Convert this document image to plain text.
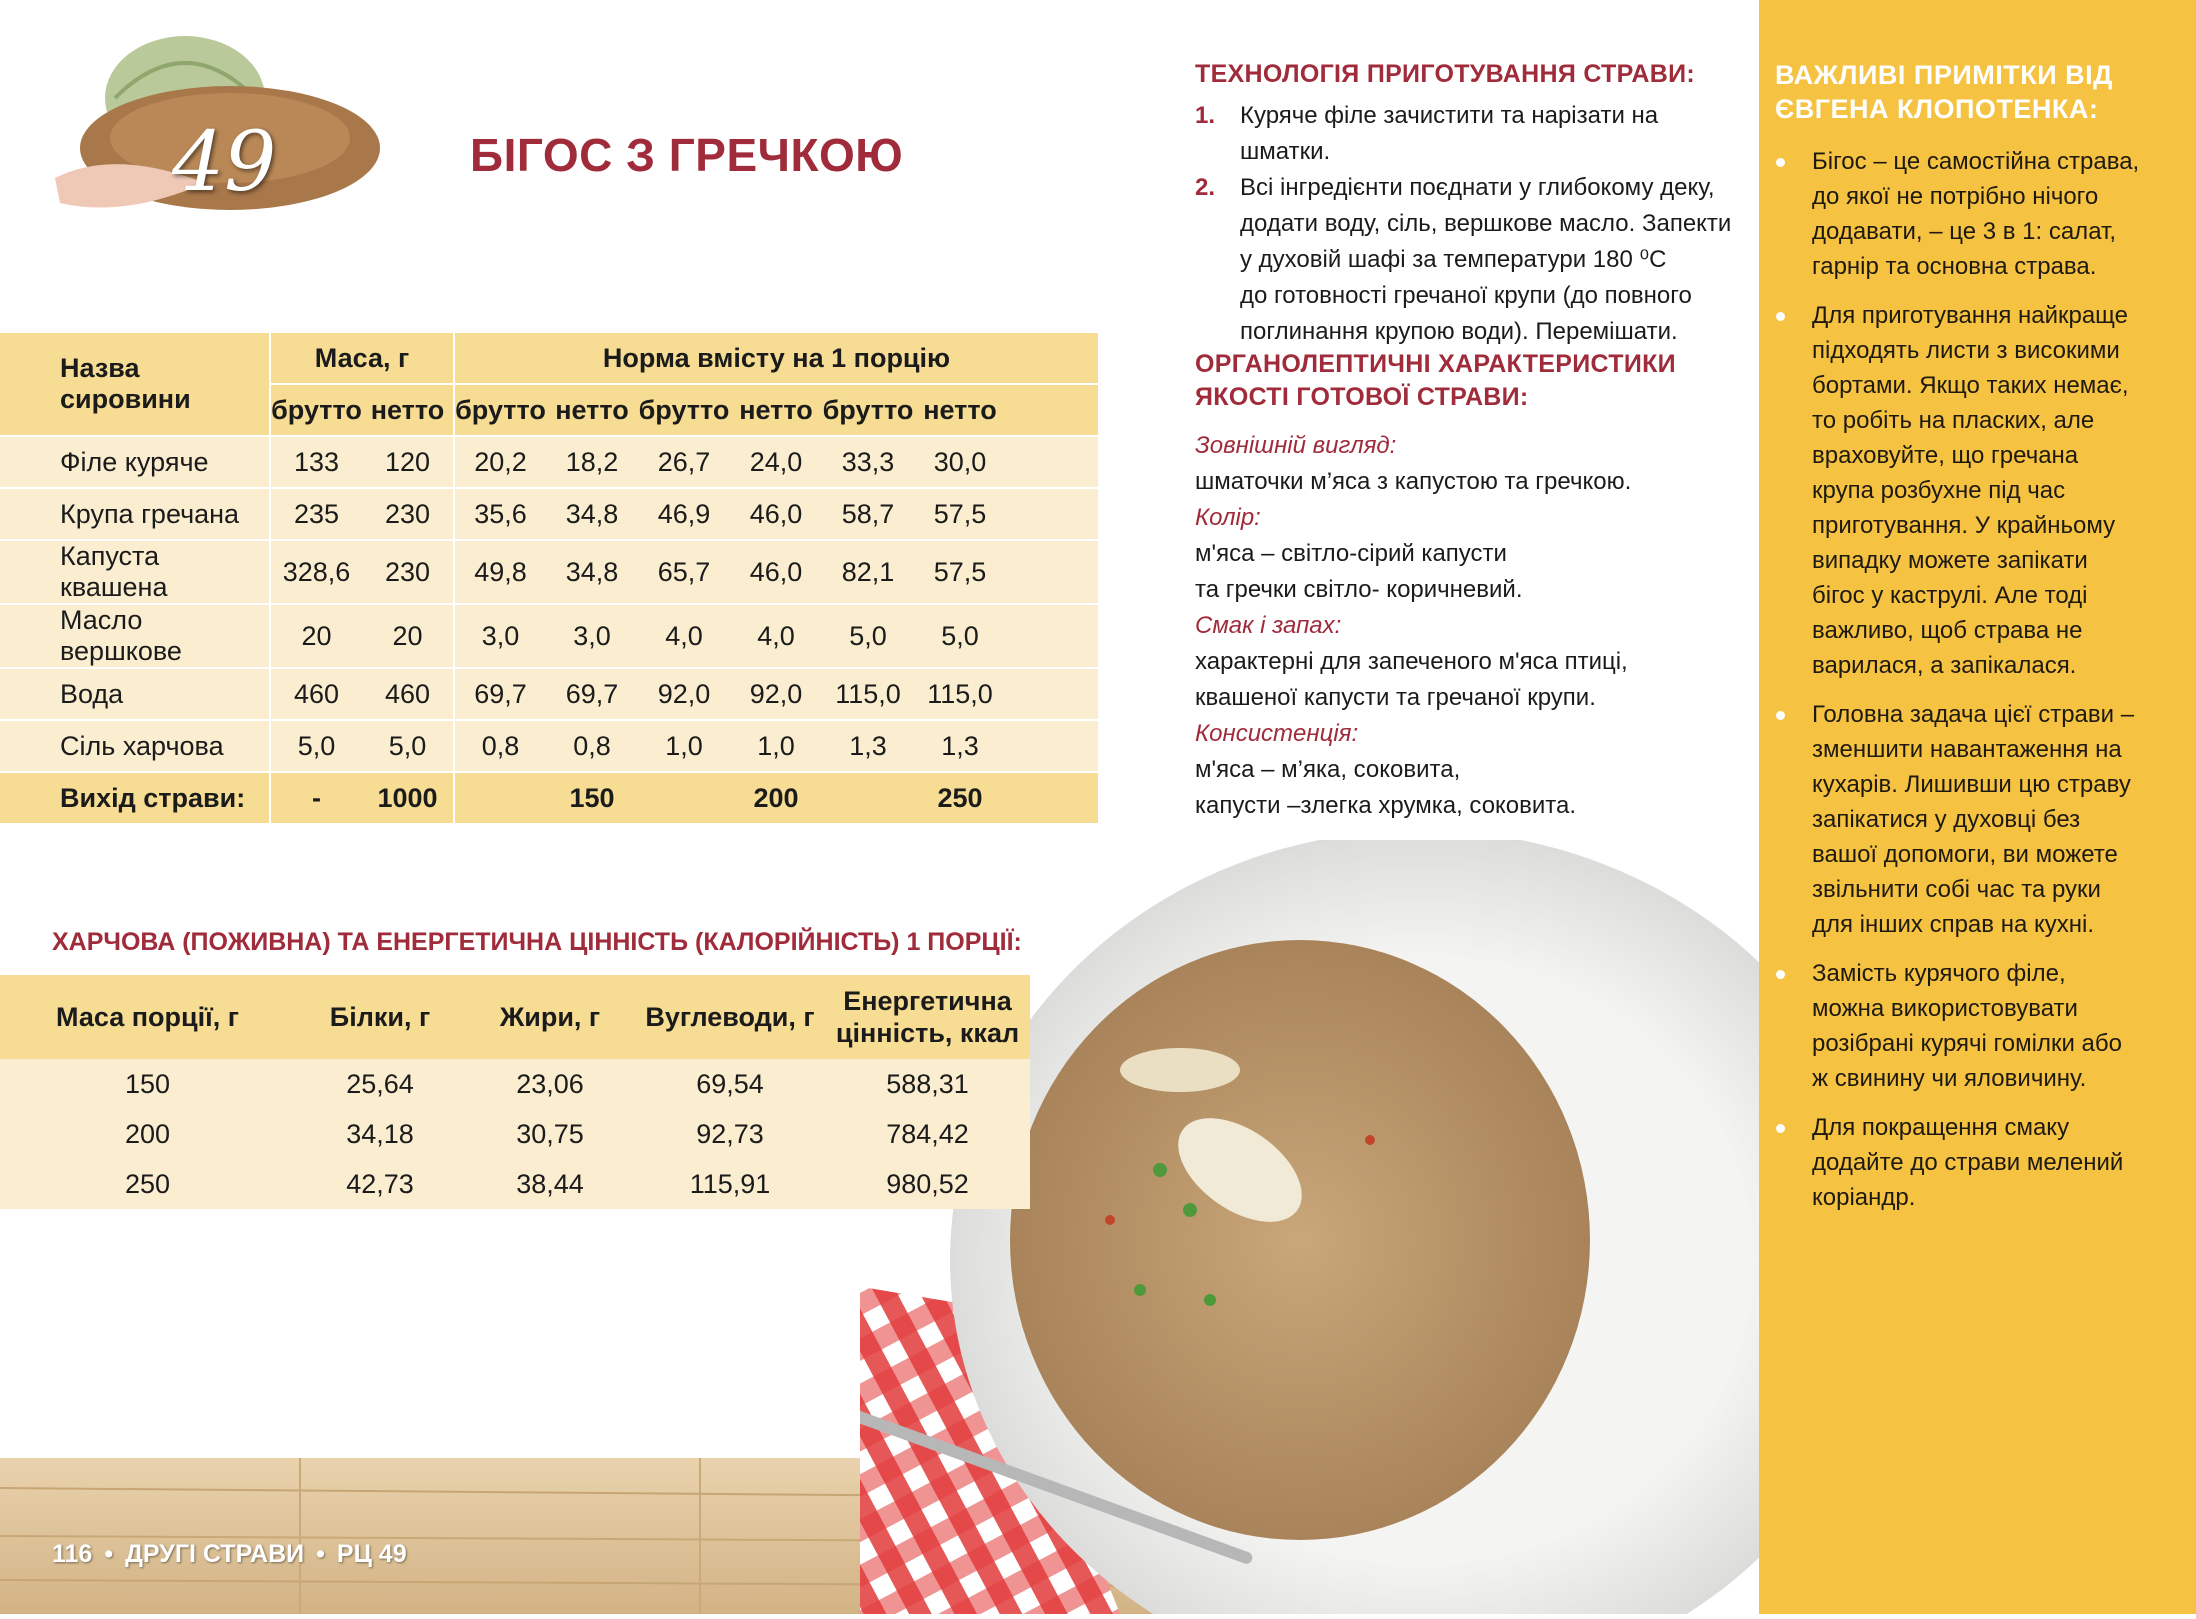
49	БІГОС З ГРЕЧКОЮ
Назва сировини	Маса, г		Норма вмісту на 1 порцію						
	брутто	нетто	брутто	нетто	брутто	нетто	брутто	нетто	
Філе куряче	133	120	20,2	18,2	26,7	24,0	33,3	30,0	
Крупа гречана	235	230	35,6	34,8	46,9	46,0	58,7	57,5	
Капуста квашена	328,6	230	49,8	34,8	65,7	46,0	82,1	57,5	
Масло вершкове	20	20	3,0	3,0	4,0	4,0	5,0	5,0	
Вода	460	460	69,7	69,7	92,0	92,0	115,0	115,0	
Сіль харчова	5,0	5,0	0,8	0,8	1,0	1,0	1,3	1,3	
Вихід страви:	-	1000		150		200		250	
ХАРЧОВА (ПОЖИВНА) ТА ЕНЕРГЕТИЧНА ЦІННІСТЬ (КАЛОРІЙНІСТЬ) 1 ПОРЦІЇ:
Маса порції, г	Білки, г	Жири, г	Вуглеводи, г	Енергетична
цінність, ккал

150	25,64	23,06	69,54	588,31
200	34,18	30,75	92,73	784,42
250	42,73	38,44	115,91	980,52
ТЕХНОЛОГІЯ ПРИГОТУВАННЯ СТРАВИ:
1. Куряче філе зачистити та нарізати на шматки.
2. Всі інгредієнти поєднати у глибокому деку,
додати воду, сіль, вершкове масло. Запекти
у духовій шафі за температури 180 ⁰С
до готовності гречаної крупи (до повного
поглинання крупою води). Перемішати.
ОРГАНОЛЕПТИЧНІ ХАРАКТЕРИСТИКИ
ЯКОСТІ ГОТОВОЇ СТРАВИ:
Зовнішній вигляд:
шматочки м’яса з капустою та гречкою.
Колір:
м'яса – світло-сірий капусти
та гречки світло- коричневий.
Смак і запах:
характерні для запеченого м'яса птиці,
квашеної капусти та гречаної крупи.
Консистенція:
м'яса – м’яка, соковита,
капусти –злегка хрумка, соковита.
ВАЖЛИВІ ПРИМІТКИ ВІД
ЄВГЕНА КЛОПОТЕНКА:
Бігос – це самостійна страва,
до якої не потрібно нічого
додавати, – це 3 в 1: салат,
гарнір та основна страва.
Для приготування найкраще
підходять листи з високими
бортами. Якщо таких немає,
то робіть на пласких, але
враховуйте, що гречана
крупа розбухне під час
приготування. У крайньому
випадку можете запікати
бігос у каструлі. Але тоді
важливо, щоб страва не
варилася, а запікалася.
Головна задача цієї страви –
зменшити навантаження на
кухарів. Лишивши цю страву
запікатися у духовці без
вашої допомоги, ви можете
звільнити собі час та руки
для інших справ на кухні.
Замість курячого філе,
можна використовувати
розібрані курячі гомілки або
ж свинину чи яловичину.
Для покращення смаку
додайте до страви мелений
коріандр.
116 • ДРУГІ СТРАВИ • РЦ 49
